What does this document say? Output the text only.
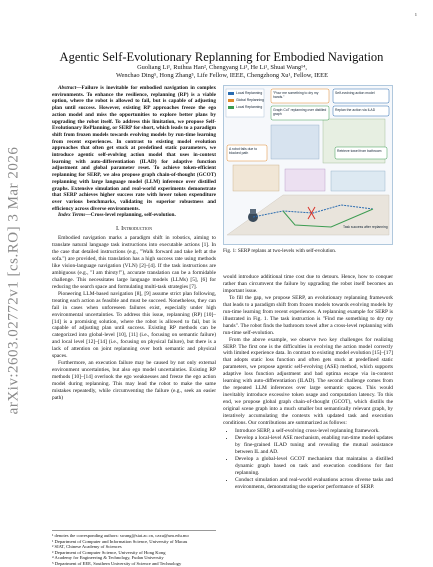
1
arXiv:2603.02772v1 [cs.RO] 3 Mar 2026
Agentic Self-Evolutionary Replanning for Embodied Navigation
Guoliang Li¹, Ruihua Han², Chengyang Li³, He Li¹, Shuai Wang¹⁴,
Wenchao Ding⁵, Hong Zhang⁵, Life Fellow, IEEE, Chengzhong Xu¹, Fellow, IEEE

Abstract—Failure is inevitable for embodied navigation in complex environments. To enhance the resilience, replanning (RP) is a viable option, where the robot is allowed to fail, but is capable of adjusting plan until success. However, existing RP approaches freeze the ego action model and miss the opportunities to explore better plans by upgrading the robot itself. To address this limitation, we propose Self-Evolutionary RePlanning, or SERP for short, which leads to a paradigm shift from frozen models towards evolving models by run-time learning from recent experiences. In contrast to existing model evolution approaches that often get stuck at predefined static parameters, we introduce agentic self-evolving action model that uses in-context learning with auto-differentiation (ILAD) for adaptive function adjustment and global parameter reset. To achieve token-efficient replanning for SERP, we also propose graph chain-of-thought (GCOT) replanning with large language model (LLM) inference over distilled graphs. Extensive simulation and real-world experiments demonstrate that SERP achieves higher success rate with lower token expenditure over various benchmarks, validating its superior robustness and efficiency across diverse environments.

Index Terms—Cross-level replanning, self-evolution.

I. Introduction

Embodied navigation marks a paradigm shift in robotics, aiming to translate natural language task instructions into executable actions [1]. In the case that detailed instructions (e.g., "Walk forward and take left at the sofa.") are provided, this translation has a high success rate using methods like vision-language navigation (VLN) [2]–[4]. If the task instructions are ambiguous (e.g., "I am thirsty!"), accurate translation can be a formidable challenge. This necessitates large language models (LLMs) [5], [6] for reducing the search space and formulating multi-task strategies [7].

Pioneering LLM-based navigation [8], [9] assume strict plan following, treating each action as feasible and must be succeed. Nonetheless, they can fail in cases when unforeseen failures exist, especially under high environmental uncertainties. To address this issue, replanning (RP) [10]–[14] is a promising solution, where the robot is allowed to fail, but is capable of adjusting plan until success. Existing RP methods can be categorized into global-level [10], [11] (i.e., focusing on semantic failure) and local level [12]–[14] (i.e., focusing on physical failure), but there is a lack of attention on joint replanning over both semantic and physical spaces.

Furthermore, an execution failure may be caused by not only external environment uncertainties, but also ego model uncertainties. Existing RP methods [10]–[14] overlook the ego weaknesses and freeze the ego action model during replanning. This may lead the robot to make the same mistakes repeatedly, while circumventing the failure (e.g., seek an easier path)

¹ denotes the corresponding authors: swang@siat.ac.cn, czxu@um.edu.mo
¹ Department of Computer and Information Science, University of Macau
² SIAT, Chinese Academy of Sciences
³ Department of Computer Science, University of Hong Kong
⁴ Academy for Engineering & Technology, Fudan University
⁵ Department of EEE, Southern University of Science and Technology
Local Replanning
Global Replanning
Local Replanning
"Pour me something to dry my hands."
Self-evolving action model
Graph CoT replanning over distilled graph
Replan the action via ILAD
A robot fails due to blocked path	Retrieve towel from bathroom
Task success after replanning
Fig. 1: SERP replans at two-levels with self-evolution.

would introduce additional time cost due to detours. Hence, how to conquer rather than circumvent the failure by upgrading the robot itself becomes an important issue.

To fill the gap, we propose SERP, an evolutionary replanning framework that leads to a paradigm shift from frozen models towards evolving models by run-time learning from recent experiences. A replanning example for SERP is illustrated in Fig. 1. The task instruction is "Find me something to dry my hands". The robot finds the bathroom towel after a cross-level replanning with run-time self-evolution.

From the above example, we observe two key challenges for realizing SERP. The first one is the difficulties in evolving the action model correctly with limited experience data. In contrast to existing model evolution [15]–[17] that adopts static loss function and often gets stuck at predefined static parameters, we propose agentic self-evolving (ASE) method, which supports adaptive loss function adjustment and bad optima escape via in-context learning with auto-differentiation (ILAD). The second challenge comes from the repeated LLM inferences over large semantic spaces. This would inevitably introduce excessive token usage and computation latency. To this end, we propose global graph chain-of-thought (GCOT), which distills the original scene graph into a much smaller but semantically relevant graph, by iteratively accumulating the contexts with updated task and execution conditions. Our contributions are summarized as follows:

• Introduce SERP, a self-evolving cross-level replanning framework.
• Develop a local-level ASE mechanism, enabling run-time model updates by fine-grained ILAD tuning and revealing the mutual assistance between IL and AD.
• Develop a global-level GCOT mechanism that maintains a distilled dynamic graph based on task and execution conditions for fast replanning.
• Conduct simulation and real-world evaluations across diverse tasks and environments, demonstrating the superior performance of SERP.
